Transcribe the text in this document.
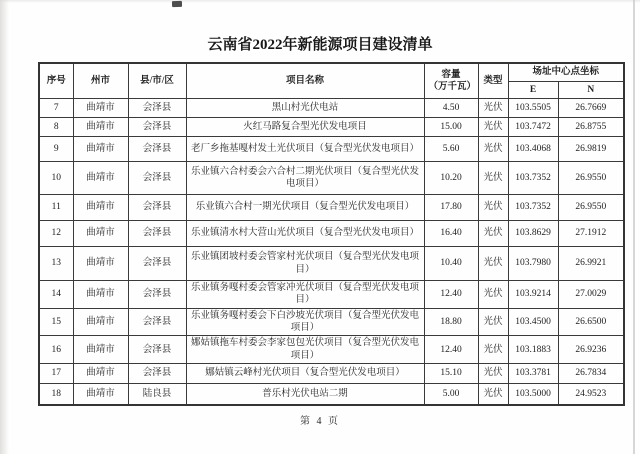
云南省2022年新能源项目建设清单
序号	州市	县/市/区	项目名称	容量
（万千瓦）	类型	场址中心点坐标	
						E	N
7	曲靖市	会泽县	黑山村光伏电站	4.50	光伏	103.5505	26.7669
8	曲靖市	会泽县	火红马路复合型光伏发电项目	15.00	光伏	103.7472	26.8755
9	曲靖市	会泽县	老厂乡拖基嘎村发土光伏项目（复合型光伏发电项目）	5.60	光伏	103.4068	26.9819
10	曲靖市	会泽县	乐业镇六合村委会六合村二期光伏项目（复合型光伏发电项目）	10.20	光伏	103.7352	26.9550
11	曲靖市	会泽县	乐业镇六合村一期光伏项目（复合型光伏发电项目）	17.80	光伏	103.7352	26.9550
12	曲靖市	会泽县	乐业镇清水村大营山光伏项目（复合型光伏发电项目）	16.40	光伏	103.8629	27.1912
13	曲靖市	会泽县	乐业镇团坡村委会管家村光伏项目（复合型光伏发电项目）	10.40	光伏	103.7980	26.9921
14	曲靖市	会泽县	乐业镇务嘎村委会管家冲光伏项目（复合型光伏发电项目）	12.40	光伏	103.9214	27.0029
15	曲靖市	会泽县	乐业镇务嘎村委会下白沙坡光伏项目（复合型光伏发电项目）	18.80	光伏	103.4500	26.6500
16	曲靖市	会泽县	娜姑镇拖车村委会李家包包光伏项目（复合型光伏发电项目）	12.40	光伏	103.1883	26.9236
17	曲靖市	会泽县	娜姑镇云峰村光伏项目（复合型光伏发电项目）	15.10	光伏	103.3781	26.7834
18	曲靖市	陆良县	普乐村光伏电站二期	5.00	光伏	103.5000	24.9523
第 4 页
